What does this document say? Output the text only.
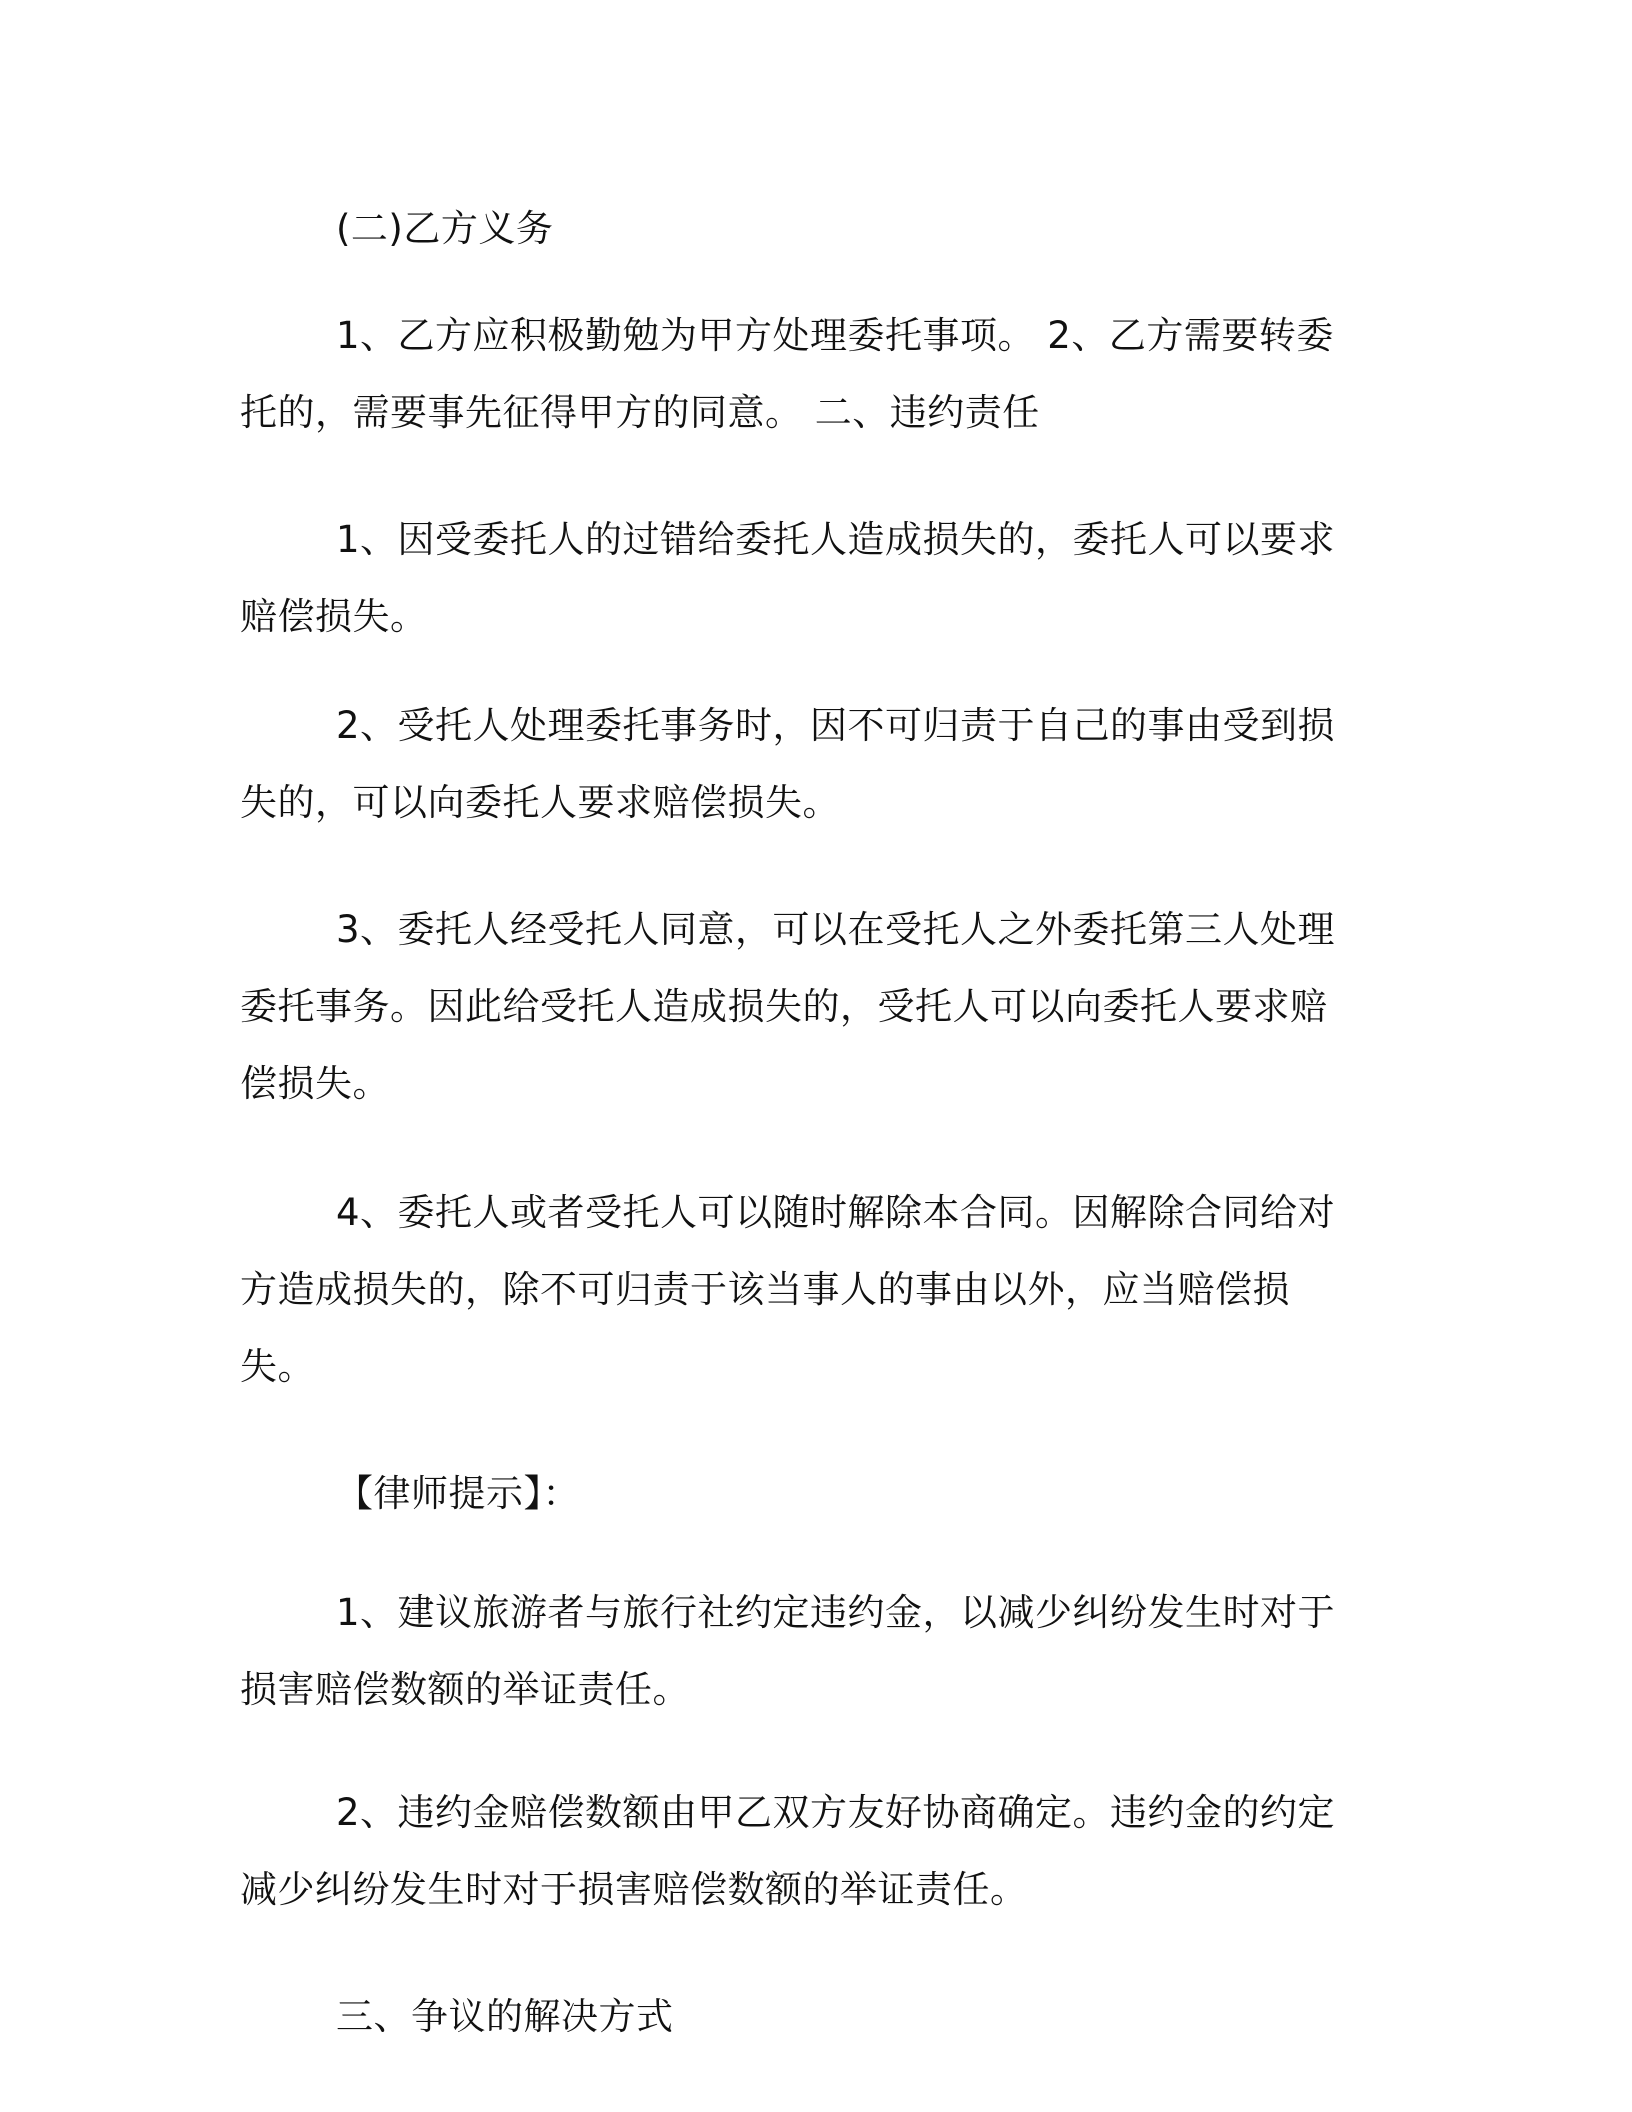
(二)乙方义务

1、乙方应积极勤勉为甲方处理委托事项。 2、乙方需要转委托的，需要事先征得甲方的同意。 二、违约责任

1、因受委托人的过错给委托人造成损失的，委托人可以要求赔偿损失。

2、受托人处理委托事务时，因不可归责于自己的事由受到损失的，可以向委托人要求赔偿损失。

3、委托人经受托人同意，可以在受托人之外委托第三人处理委托事务。因此给受托人造成损失的，受托人可以向委托人要求赔偿损失。

4、委托人或者受托人可以随时解除本合同。因解除合同给对方造成损失的，除不可归责于该当事人的事由以外，应当赔偿损失。

【律师提示】：

1、建议旅游者与旅行社约定违约金，以减少纠纷发生时对于损害赔偿数额的举证责任。

2、违约金赔偿数额由甲乙双方友好协商确定。违约金的约定减少纠纷发生时对于损害赔偿数额的举证责任。

三、争议的解决方式
